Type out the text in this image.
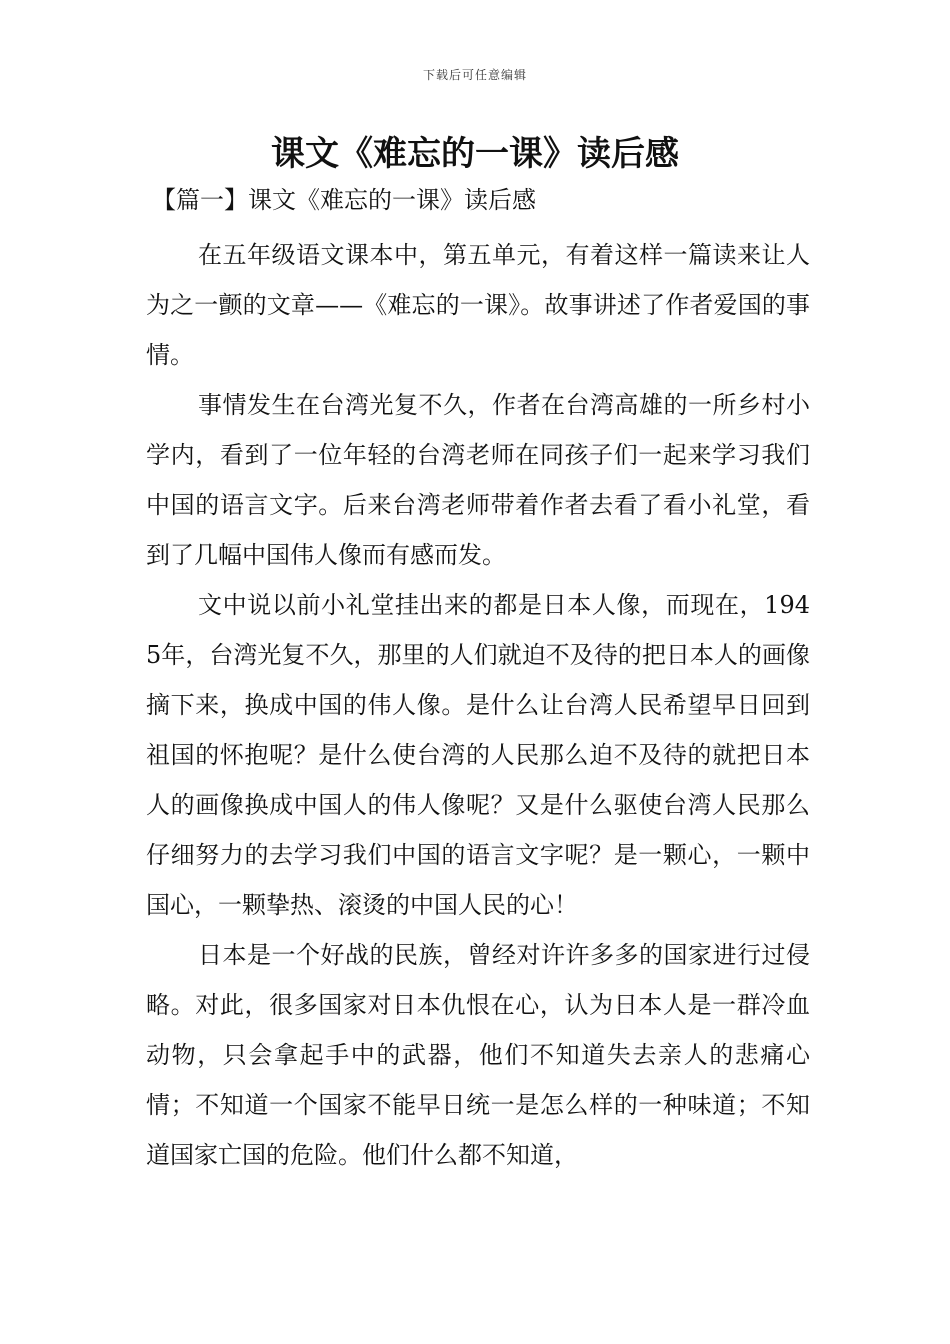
下载后可任意编辑
课文《难忘的一课》读后感
【篇一】课文《难忘的一课》读后感

在五年级语文课本中，第五单元，有着这样一篇读来让人为之一颤的文章——《难忘的一课》。故事讲述了作者爱国的事情。

事情发生在台湾光复不久，作者在台湾高雄的一所乡村小学内，看到了一位年轻的台湾老师在同孩子们一起来学习我们中国的语言文字。后来台湾老师带着作者去看了看小礼堂，看到了几幅中国伟人像而有感而发。

文中说以前小礼堂挂出来的都是日本人像，而现在，1945年，台湾光复不久，那里的人们就迫不及待的把日本人的画像摘下来，换成中国的伟人像。是什么让台湾人民希望早日回到祖国的怀抱呢？是什么使台湾的人民那么迫不及待的就把日本人的画像换成中国人的伟人像呢？又是什么驱使台湾人民那么仔细努力的去学习我们中国的语言文字呢？是一颗心，一颗中国心，一颗挚热、滚烫的中国人民的心！

日本是一个好战的民族，曾经对许许多多的国家进行过侵略。对此，很多国家对日本仇恨在心，认为日本人是一群冷血动物，只会拿起手中的武器，他们不知道失去亲人的悲痛心情；不知道一个国家不能早日统一是怎么样的一种味道；不知道国家亡国的危险。他们什么都不知道，
